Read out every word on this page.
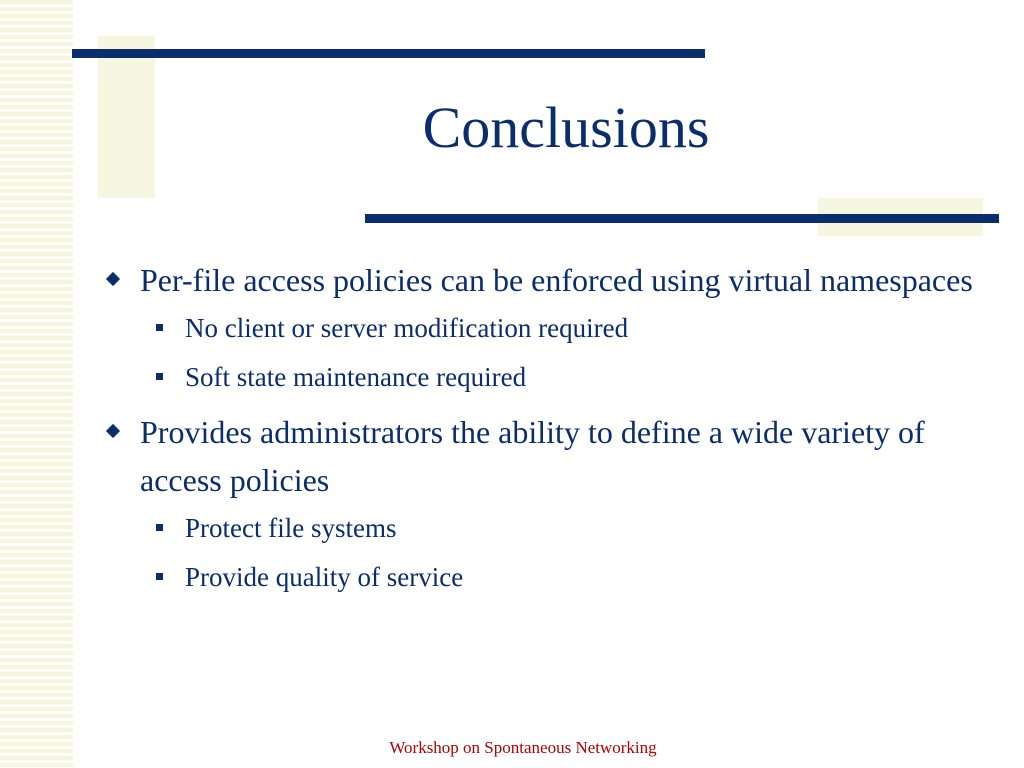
Conclusions
Per-file access policies can be enforced using virtual namespaces
No client or server modification required
Soft state maintenance required
Provides administrators the ability to define a wide variety of access policies
Protect file systems
Provide quality of service
Workshop on Spontaneous Networking
